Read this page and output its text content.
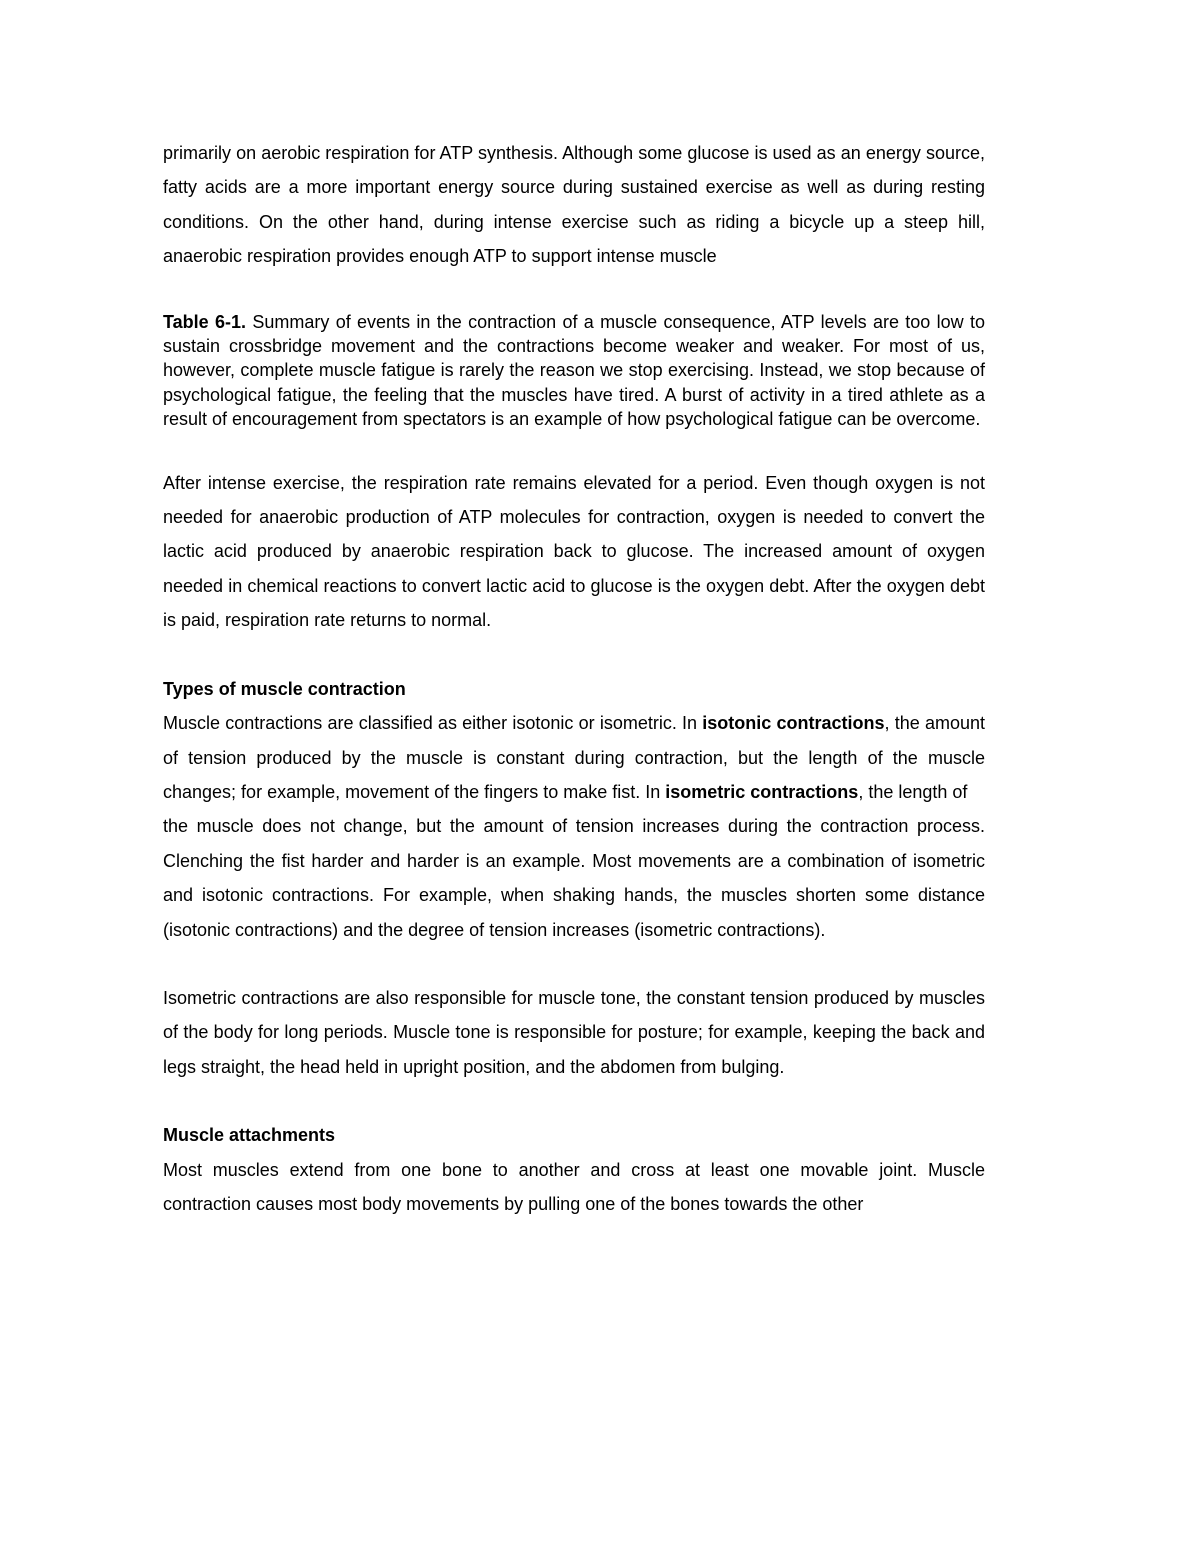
primarily on aerobic respiration for ATP synthesis. Although some glucose is used as an energy source, fatty acids are a more important energy source during sustained exercise as well as during resting conditions. On the other hand, during intense exercise such as riding a bicycle up a steep hill, anaerobic respiration provides enough ATP to support intense muscle

Table 6-1. Summary of events in the contraction of a muscle consequence, ATP levels are too low to sustain crossbridge movement and the contractions become weaker and weaker. For most of us, however, complete muscle fatigue is rarely the reason we stop exercising. Instead, we stop because of psychological fatigue, the feeling that the muscles have tired. A burst of activity in a tired athlete as a result of encouragement from spectators is an example of how psychological fatigue can be overcome.

After intense exercise, the respiration rate remains elevated for a period. Even though oxygen is not needed for anaerobic production of ATP molecules for contraction, oxygen is needed to convert the lactic acid produced by anaerobic respiration back to glucose. The increased amount of oxygen needed in chemical reactions to convert lactic acid to glucose is the oxygen debt. After the oxygen debt is paid, respiration rate returns to normal.

Types of muscle contraction

Muscle contractions are classified as either isotonic or isometric. In isotonic contractions, the amount of tension produced by the muscle is constant during contraction, but the length of the muscle changes; for example, movement of the fingers to make fist. In isometric contractions, the length of

the muscle does not change, but the amount of tension increases during the contraction process. Clenching the fist harder and harder is an example. Most movements are a combination of isometric and isotonic contractions. For example, when shaking hands, the muscles shorten some distance (isotonic contractions) and the degree of tension increases (isometric contractions).

Isometric contractions are also responsible for muscle tone, the constant tension produced by muscles of the body for long periods. Muscle tone is responsible for posture; for example, keeping the back and legs straight, the head held in upright position, and the abdomen from bulging.

Muscle attachments

Most muscles extend from one bone to another and cross at least one movable joint. Muscle contraction causes most body movements by pulling one of the bones towards the other
